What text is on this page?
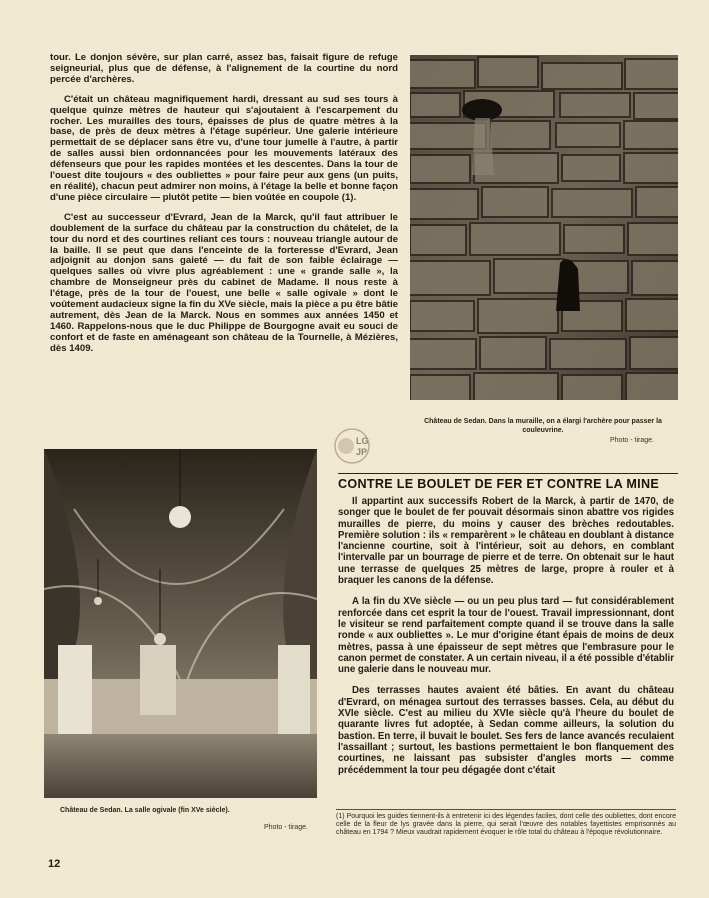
tour. Le donjon sévère, sur plan carré, assez bas, faisait figure de refuge seigneurial, plus que de défense, à l'alignement de la courtine du nord percée d'archères.

C'était un château magnifiquement hardi, dressant au sud ses tours à quelque quinze mètres de hauteur qui s'ajoutaient à l'escarpement du rocher. Les murailles des tours, épaisses de plus de quatre mètres à la base, de près de deux mètres à l'étage supérieur. Une galerie intérieure permettait de se déplacer sans être vu, d'une tour jumelle à l'autre, à partir de salles aussi bien ordonnancées pour les mouvements latéraux des défenseurs que pour les rapides montées et les descentes. Dans la tour de l'ouest dite toujours « des oubliettes » pour faire peur aux gens (un puits, en réalité), chacun peut admirer non moins, à l'étage la belle et bonne façon d'une pièce circulaire — plutôt petite — bien voûtée en coupole (1).

C'est au successeur d'Evrard, Jean de la Marck, qu'il faut attribuer le doublement de la surface du château par la construction du châtelet, de la tour du nord et des courtines reliant ces tours : nouveau triangle autour de la baille. Il se peut que dans l'enceinte de la forteresse d'Evrard, Jean adjoignit au donjon sans gaieté — du fait de son faible éclairage — quelques salles où vivre plus agréablement : une « grande salle », la chambre de Monseigneur près du cabinet de Madame. Il nous reste à l'étage, près de la tour de l'ouest, une belle « salle ogivale » dont le voûtement audacieux signe la fin du XVe siècle, mais la pièce a pu être bâtie autrement, dès Jean de la Marck. Nous en sommes aux années 1450 et 1460. Rappelons-nous que le duc Philippe de Bourgogne avait eu souci de confort et de faste en aménageant son château de la Tournelle, à Mézières, dès 1409.

Château de Sedan. Dans la muraille, on a élargi l'archère pour passer la couleuvrine.
Photo - tirage.
LG
JP
CONTRE LE BOULET DE FER ET CONTRE LA MINE

Il appartint aux successifs Robert de la Marck, à partir de 1470, de songer que le boulet de fer pouvait désormais sinon abattre vos rigides murailles de pierre, du moins y causer des brèches redoutables. Première solution : ils « remparèrent » le château en doublant à distance l'ancienne courtine, soit à l'intérieur, soit au dehors, en comblant l'intervalle par un bourrage de pierre et de terre. On obtenait sur le haut une terrasse de quelques 25 mètres de large, propre à rouler et à braquer les canons de la défense.

A la fin du XVe siècle — ou un peu plus tard — fut considérablement renforcée dans cet esprit la tour de l'ouest. Travail impressionnant, dont le visiteur se rend parfaitement compte quand il se trouve dans la salle ronde « aux oubliettes ». Le mur d'origine étant épais de moins de deux mètres, passa à une épaisseur de sept mètres que l'embrasure pour le canon permet de constater. A un certain niveau, il a été possible d'établir une galerie dans le nouveau mur.

Des terrasses hautes avaient été bâties. En avant du château d'Evrard, on ménagea surtout des terrasses basses. Cela, au début du XVIe siècle. C'est au milieu du XVIe siècle qu'à l'heure du boulet de quarante livres fut adoptée, à Sedan comme ailleurs, la solution du bastion. En terre, il buvait le boulet. Ses fers de lance avancés reculaient l'assaillant ; surtout, les bastions permettaient le bon flanquement des courtines, ne laissant pas subsister d'angles morts — comme précédemment la tour peu dégagée dont c'était

Château de Sedan. La salle ogivale (fin XVe siècle).
Photo - tirage.
(1) Pourquoi les guides tiennent-ils à entretenir ici des légendes faciles, dont celle des oubliettes, dont encore celle de la fleur de lys gravée dans la pierre, qui serait l'œuvre des notables fayettistes emprisonnés au château en 1794 ? Mieux vaudrait rapidement évoquer le rôle total du château à l'époque révolutionnaire.
12
